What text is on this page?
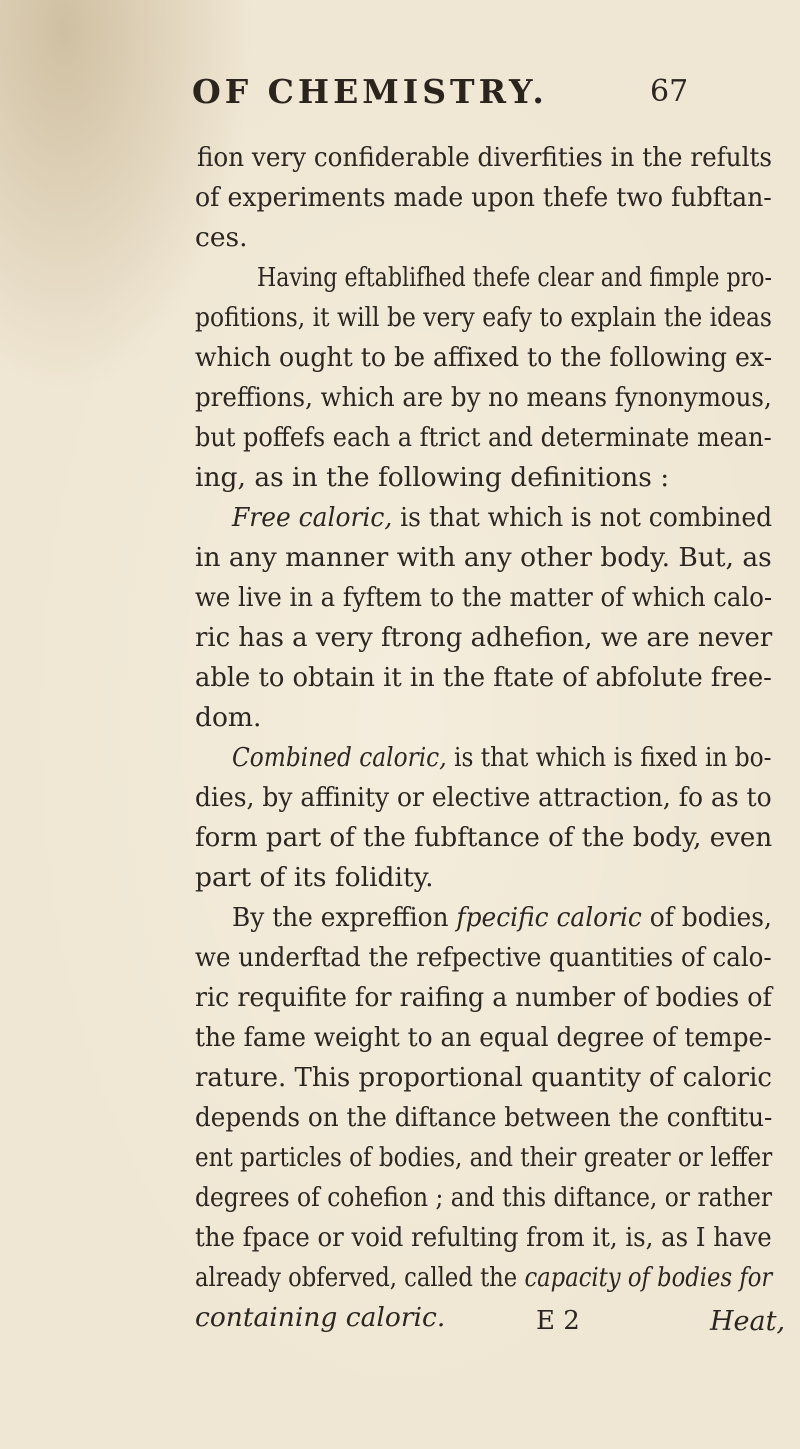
OF CHEMISTRY.	67
fion very confiderable diverfities in the refults
of experiments made upon thefe two fubftan-
ces.
Having eftablifhed thefe clear and fimple pro-
pofitions, it will be very eafy to explain the ideas
which ought to be affixed to the following ex-
preffions, which are by no means fynonymous,
but poffefs each a ftrict and determinate mean-
ing, as in the following definitions :
Free caloric, is that which is not combined
in any manner with any other body. But, as
we live in a fyftem to the matter of which calo-
ric has a very ftrong adhefion, we are never
able to obtain it in the ftate of abfolute free-
dom.
Combined caloric, is that which is fixed in bo-
dies, by affinity or elective attraction, fo as to
form part of the fubftance of the body, even
part of its folidity.
By the expreffion fpecific caloric of bodies,
we underftad the refpective quantities of calo-
ric requifite for raifing a number of bodies of
the fame weight to an equal degree of tempe-
rature. This proportional quantity of caloric
depends on the diftance between the conftitu-
ent particles of bodies, and their greater or leffer
degrees of cohefion ; and this diftance, or rather
the fpace or void refulting from it, is, as I have
already obferved, called the capacity of bodies for
containing caloric.	E 2	Heat,
